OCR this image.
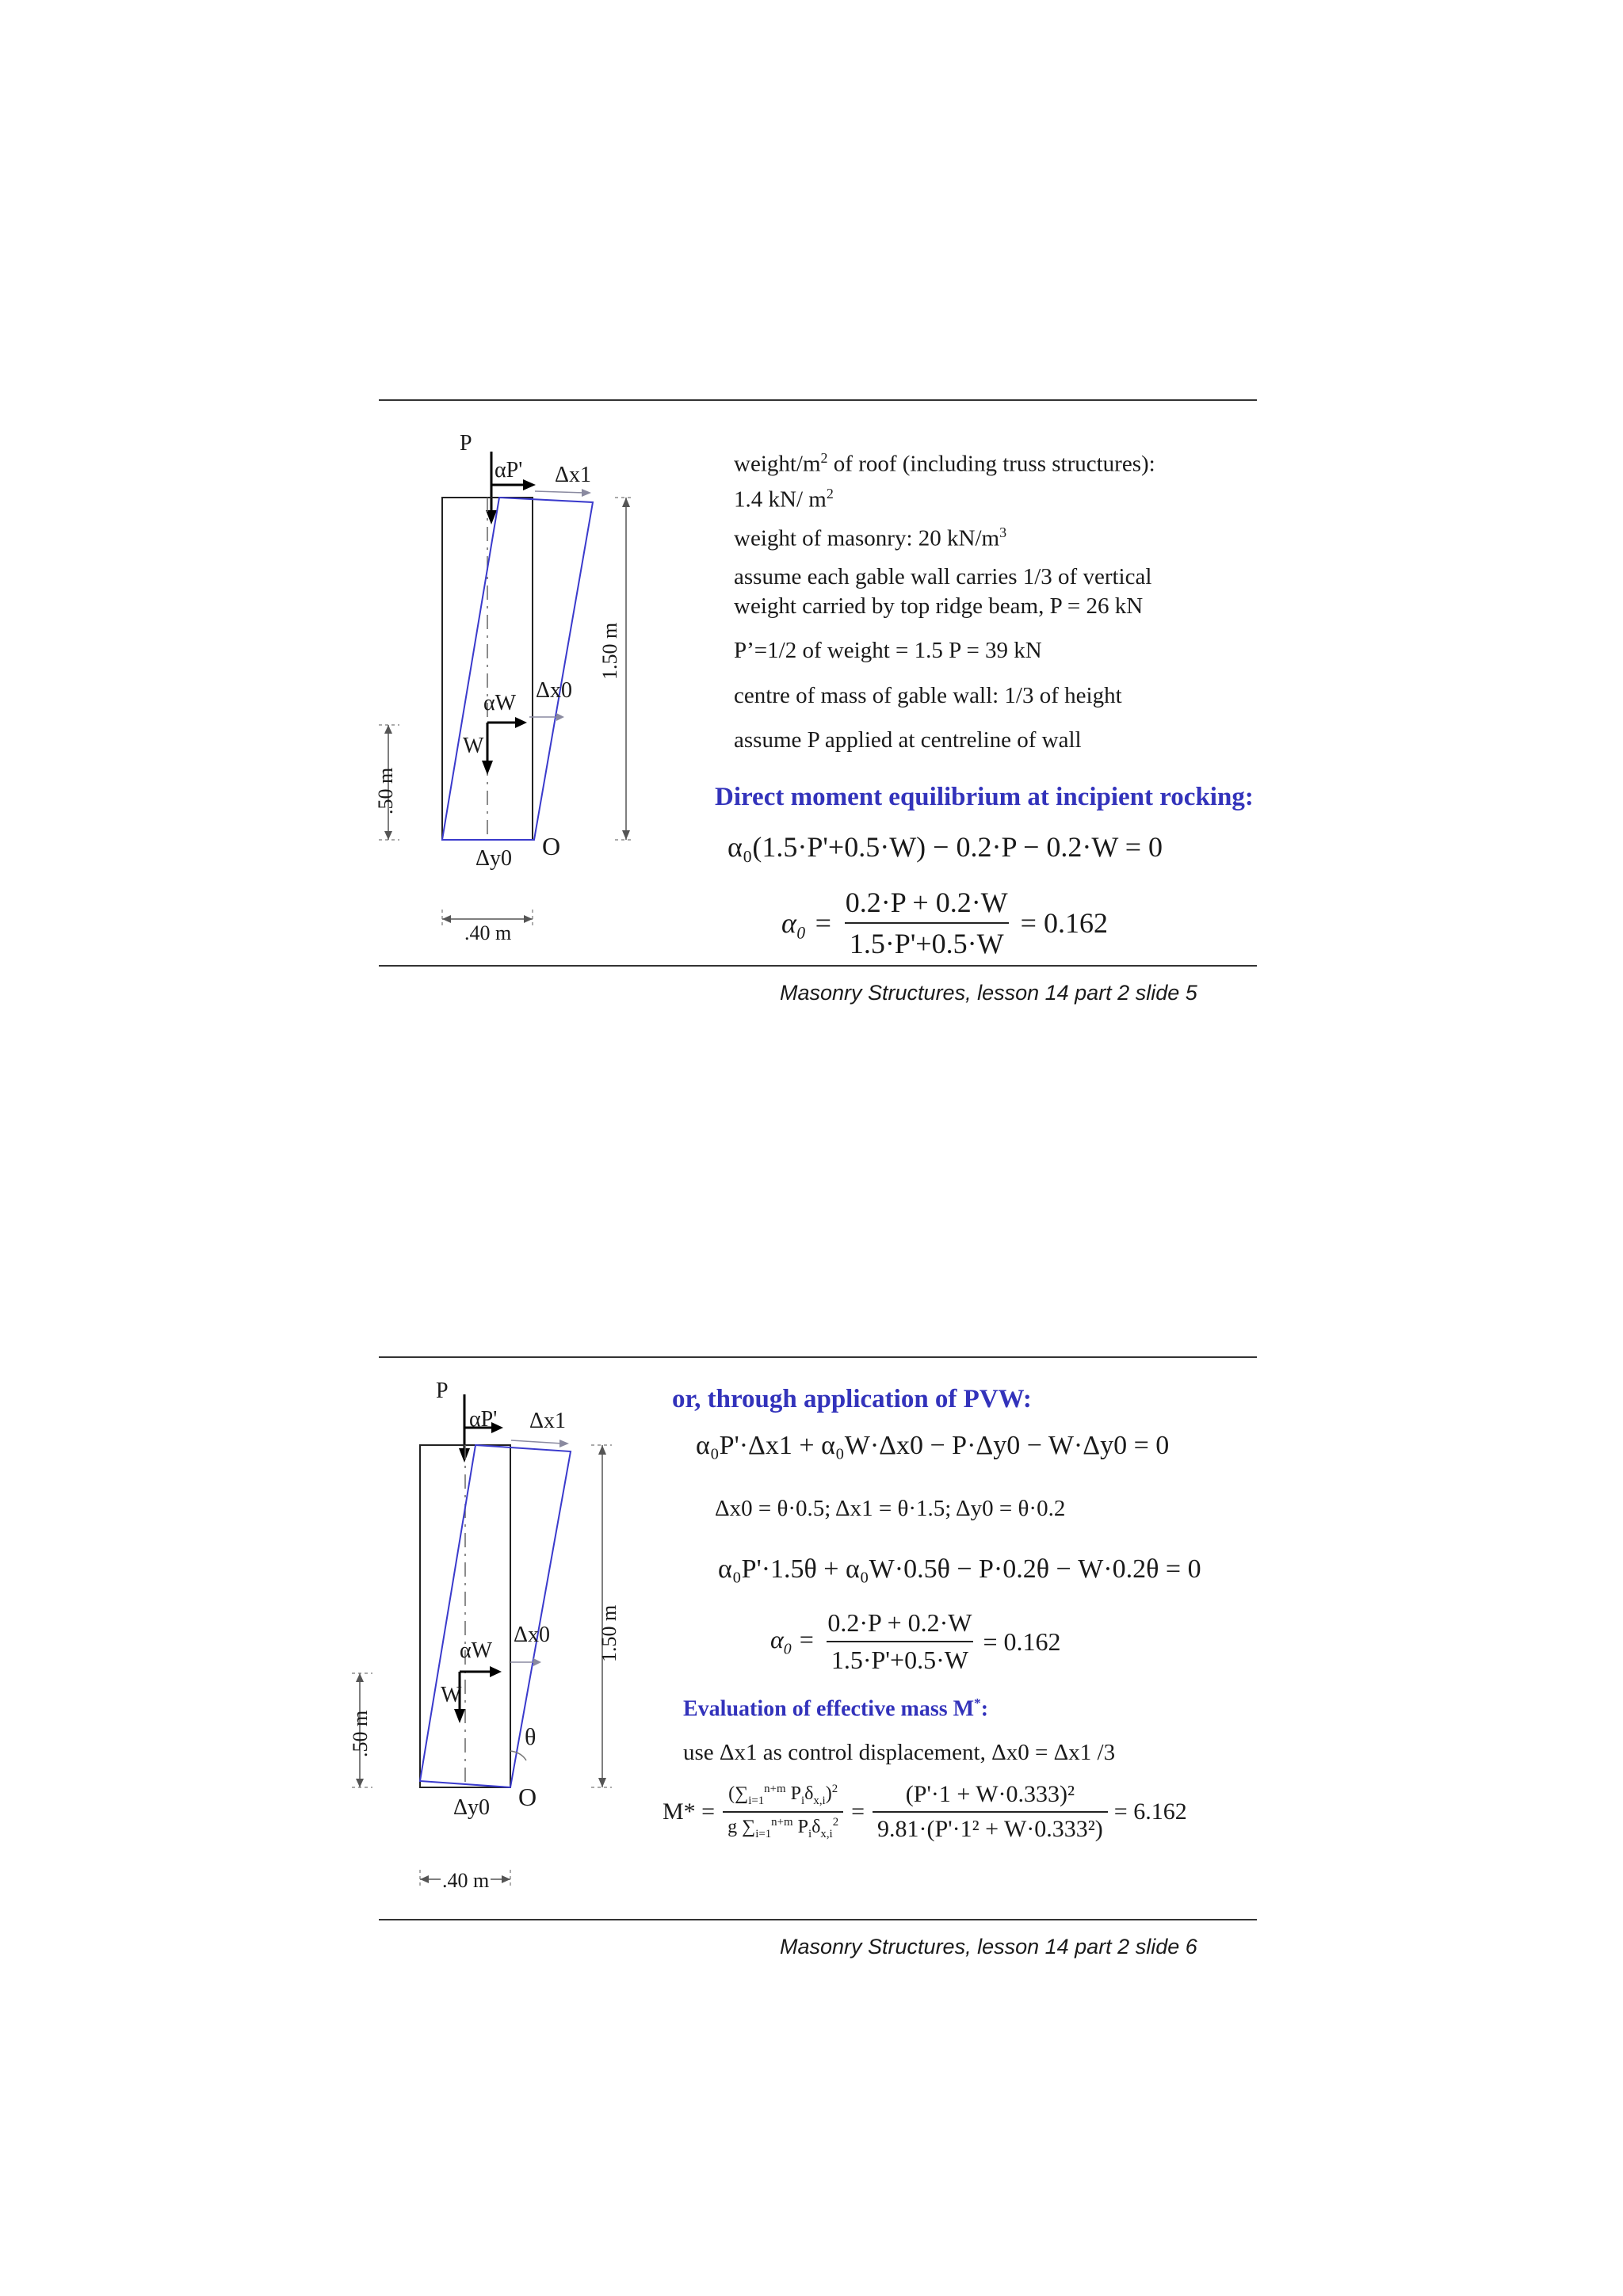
P
αP' Δx1
Δx0
αW
W
Δy0 O
1.50 m
.50 m
.40 m
weight/$m^2$ of roof (including truss structures):
1.4 kN/ $m^2$
weight of masonry: 20 $kN/m^3$
assume each gable wall carries 1/3 of vertical
weight carried by top ridge beam, P = 26 kN
P’=1/2 of weight = 1.5 P = 39 kN
centre of mass of gable wall: 1/3 of height
assume P applied at centreline of wall
Direct moment equilibrium at incipient rocking:
α₀(1.5·P'+0.5·W) − 0.2·P − 0.2·W = 0
$\alpha_0 = \frac{0.2\cdot P + 0.2\cdot W}{1.5\cdot P'+0.5\cdot W} = 0.162$
Masonry Structures, lesson 14 part 2 slide 5
P
αP' Δx1
Δx0
αW
W
θ
Δy0 O
1.50 m
.50 m
.40 m
or, through application of PVW:
α₀P'·Δx1 + α₀W·Δx0 − P·Δy0 − W·Δy0 = 0
Δx0 = θ·0.5; Δx1 = θ·1.5; Δy0 = θ·0.2
α₀P'·1.5θ + α₀W·0.5θ − P·0.2θ − W·0.2θ = 0
$\alpha_0 = \frac{0.2\cdot P + 0.2\cdot W}{1.5\cdot P'+0.5\cdot W} = 0.162$
Evaluation of effective mass M*:
use Δx1 as control displacement, Δx0 = Δx1 /3
$M* = \frac{(\sum_{i=1}^{n+m} P_i\delta_{x,i})^2}{g \sum_{i=1}^{n+m} P_i\delta_{x,i}^2} = \frac{\text{(P'·1 + W·0.333)²}}{\text{9.81·(P'·1² + W·0.333²)}} = 6.162$
Masonry Structures, lesson 14 part 2 slide 6
